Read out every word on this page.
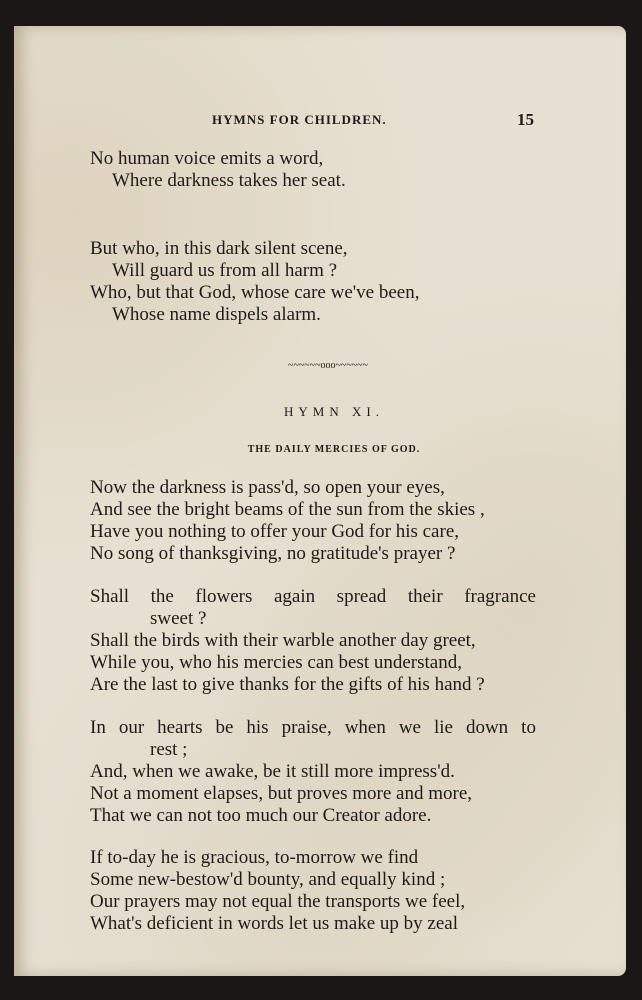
HYMNS FOR CHILDREN.	15
No human voice emits a word,
Where darkness takes her seat.
But who, in this dark silent scene,
Will guard us from all harm ?
Who, but that God, whose care we've been,
Whose name dispels alarm.
~~~~~~ooo~~~~~~
HYMN XI.
THE DAILY MERCIES OF GOD.
Now the darkness is pass'd, so open your eyes,
And see the bright beams of the sun from the skies ,
Have you nothing to offer your God for his care,
No song of thanksgiving, no gratitude's prayer ?
Shall the flowers again spread their fragrance
sweet ?
Shall the birds with their warble another day greet,
While you, who his mercies can best understand,
Are the last to give thanks for the gifts of his hand ?
In our hearts be his praise, when we lie down to
rest ;
And, when we awake, be it still more impress'd.
Not a moment elapses, but proves more and more,
That we can not too much our Creator adore.
If to-day he is gracious, to-morrow we find
Some new-bestow'd bounty, and equally kind ;
Our prayers may not equal the transports we feel,
What's deficient in words let us make up by zeal
